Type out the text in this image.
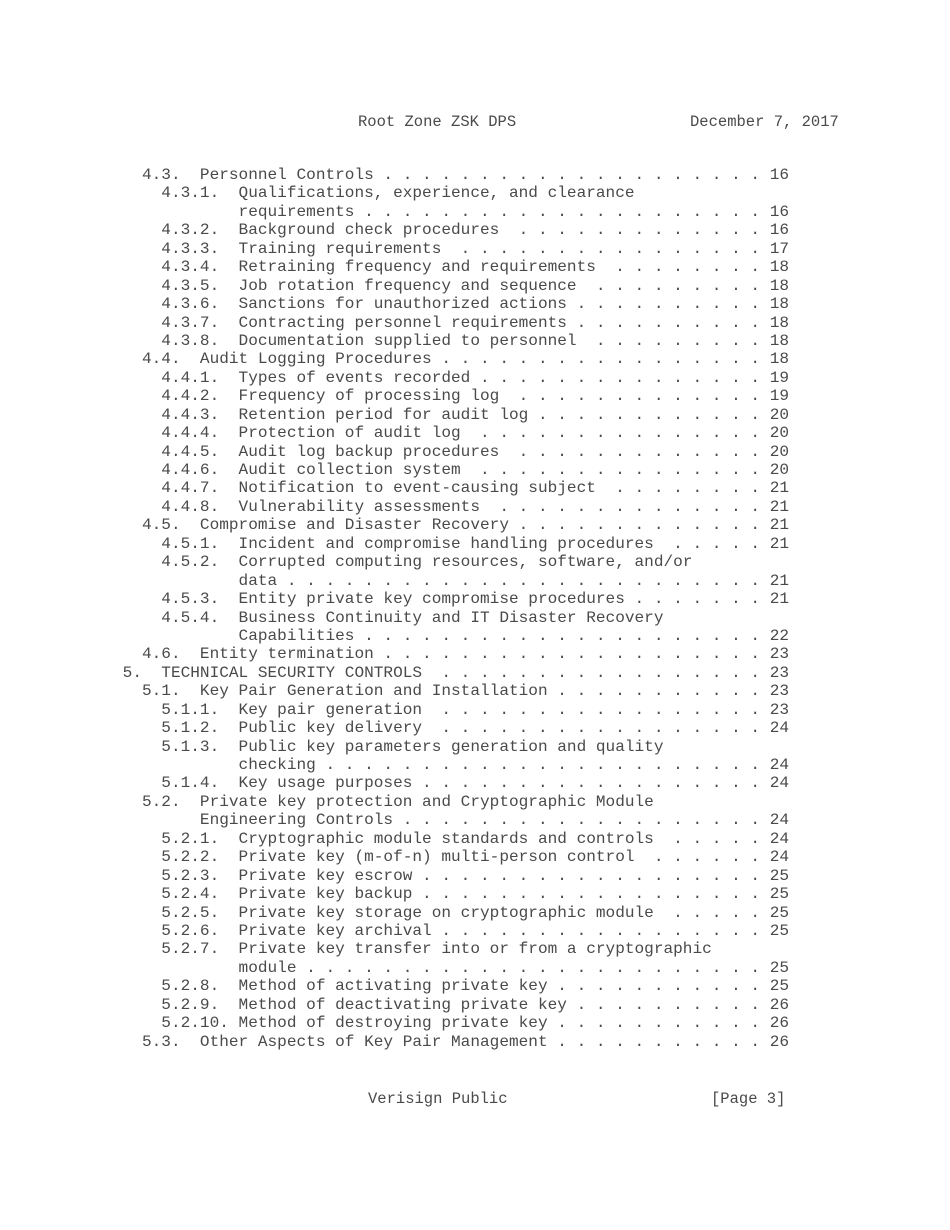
Root Zone ZSK DPS	December 7, 2017
4.3.  Personnel Controls . . . . . . . . . . . . . . . . . . . . 16
4.3.1.  Qualifications, experience, and clearance
requirements . . . . . . . . . . . . . . . . . . . . . 16
4.3.2.  Background check procedures  . . . . . . . . . . . . . 16
4.3.3.  Training requirements  . . . . . . . . . . . . . . . . 17
4.3.4.  Retraining frequency and requirements  . . . . . . . . 18
4.3.5.  Job rotation frequency and sequence  . . . . . . . . . 18
4.3.6.  Sanctions for unauthorized actions . . . . . . . . . . 18
4.3.7.  Contracting personnel requirements . . . . . . . . . . 18
4.3.8.  Documentation supplied to personnel  . . . . . . . . . 18
4.4.  Audit Logging Procedures . . . . . . . . . . . . . . . . . 18
4.4.1.  Types of events recorded . . . . . . . . . . . . . . . 19
4.4.2.  Frequency of processing log  . . . . . . . . . . . . . 19
4.4.3.  Retention period for audit log . . . . . . . . . . . . 20
4.4.4.  Protection of audit log  . . . . . . . . . . . . . . . 20
4.4.5.  Audit log backup procedures  . . . . . . . . . . . . . 20
4.4.6.  Audit collection system  . . . . . . . . . . . . . . . 20
4.4.7.  Notification to event-causing subject  . . . . . . . . 21
4.4.8.  Vulnerability assessments  . . . . . . . . . . . . . . 21
4.5.  Compromise and Disaster Recovery . . . . . . . . . . . . . 21
4.5.1.  Incident and compromise handling procedures  . . . . . 21
4.5.2.  Corrupted computing resources, software, and/or
data . . . . . . . . . . . . . . . . . . . . . . . . . 21
4.5.3.  Entity private key compromise procedures . . . . . . . 21
4.5.4.  Business Continuity and IT Disaster Recovery
Capabilities . . . . . . . . . . . . . . . . . . . . . 22
4.6.  Entity termination . . . . . . . . . . . . . . . . . . . . 23
5.  TECHNICAL SECURITY CONTROLS  . . . . . . . . . . . . . . . . . 23
5.1.  Key Pair Generation and Installation . . . . . . . . . . . 23
5.1.1.  Key pair generation  . . . . . . . . . . . . . . . . . 23
5.1.2.  Public key delivery  . . . . . . . . . . . . . . . . . 24
5.1.3.  Public key parameters generation and quality
checking . . . . . . . . . . . . . . . . . . . . . . . 24
5.1.4.  Key usage purposes . . . . . . . . . . . . . . . . . . 24
5.2.  Private key protection and Cryptographic Module
Engineering Controls . . . . . . . . . . . . . . . . . . . 24
5.2.1.  Cryptographic module standards and controls  . . . . . 24
5.2.2.  Private key (m-of-n) multi-person control  . . . . . . 24
5.2.3.  Private key escrow . . . . . . . . . . . . . . . . . . 25
5.2.4.  Private key backup . . . . . . . . . . . . . . . . . . 25
5.2.5.  Private key storage on cryptographic module  . . . . . 25
5.2.6.  Private key archival . . . . . . . . . . . . . . . . . 25
5.2.7.  Private key transfer into or from a cryptographic
module . . . . . . . . . . . . . . . . . . . . . . . . 25
5.2.8.  Method of activating private key . . . . . . . . . . . 25
5.2.9.  Method of deactivating private key . . . . . . . . . . 26
5.2.10. Method of destroying private key . . . . . . . . . . . 26
5.3.  Other Aspects of Key Pair Management . . . . . . . . . . . 26
Verisign Public	[Page 3]
